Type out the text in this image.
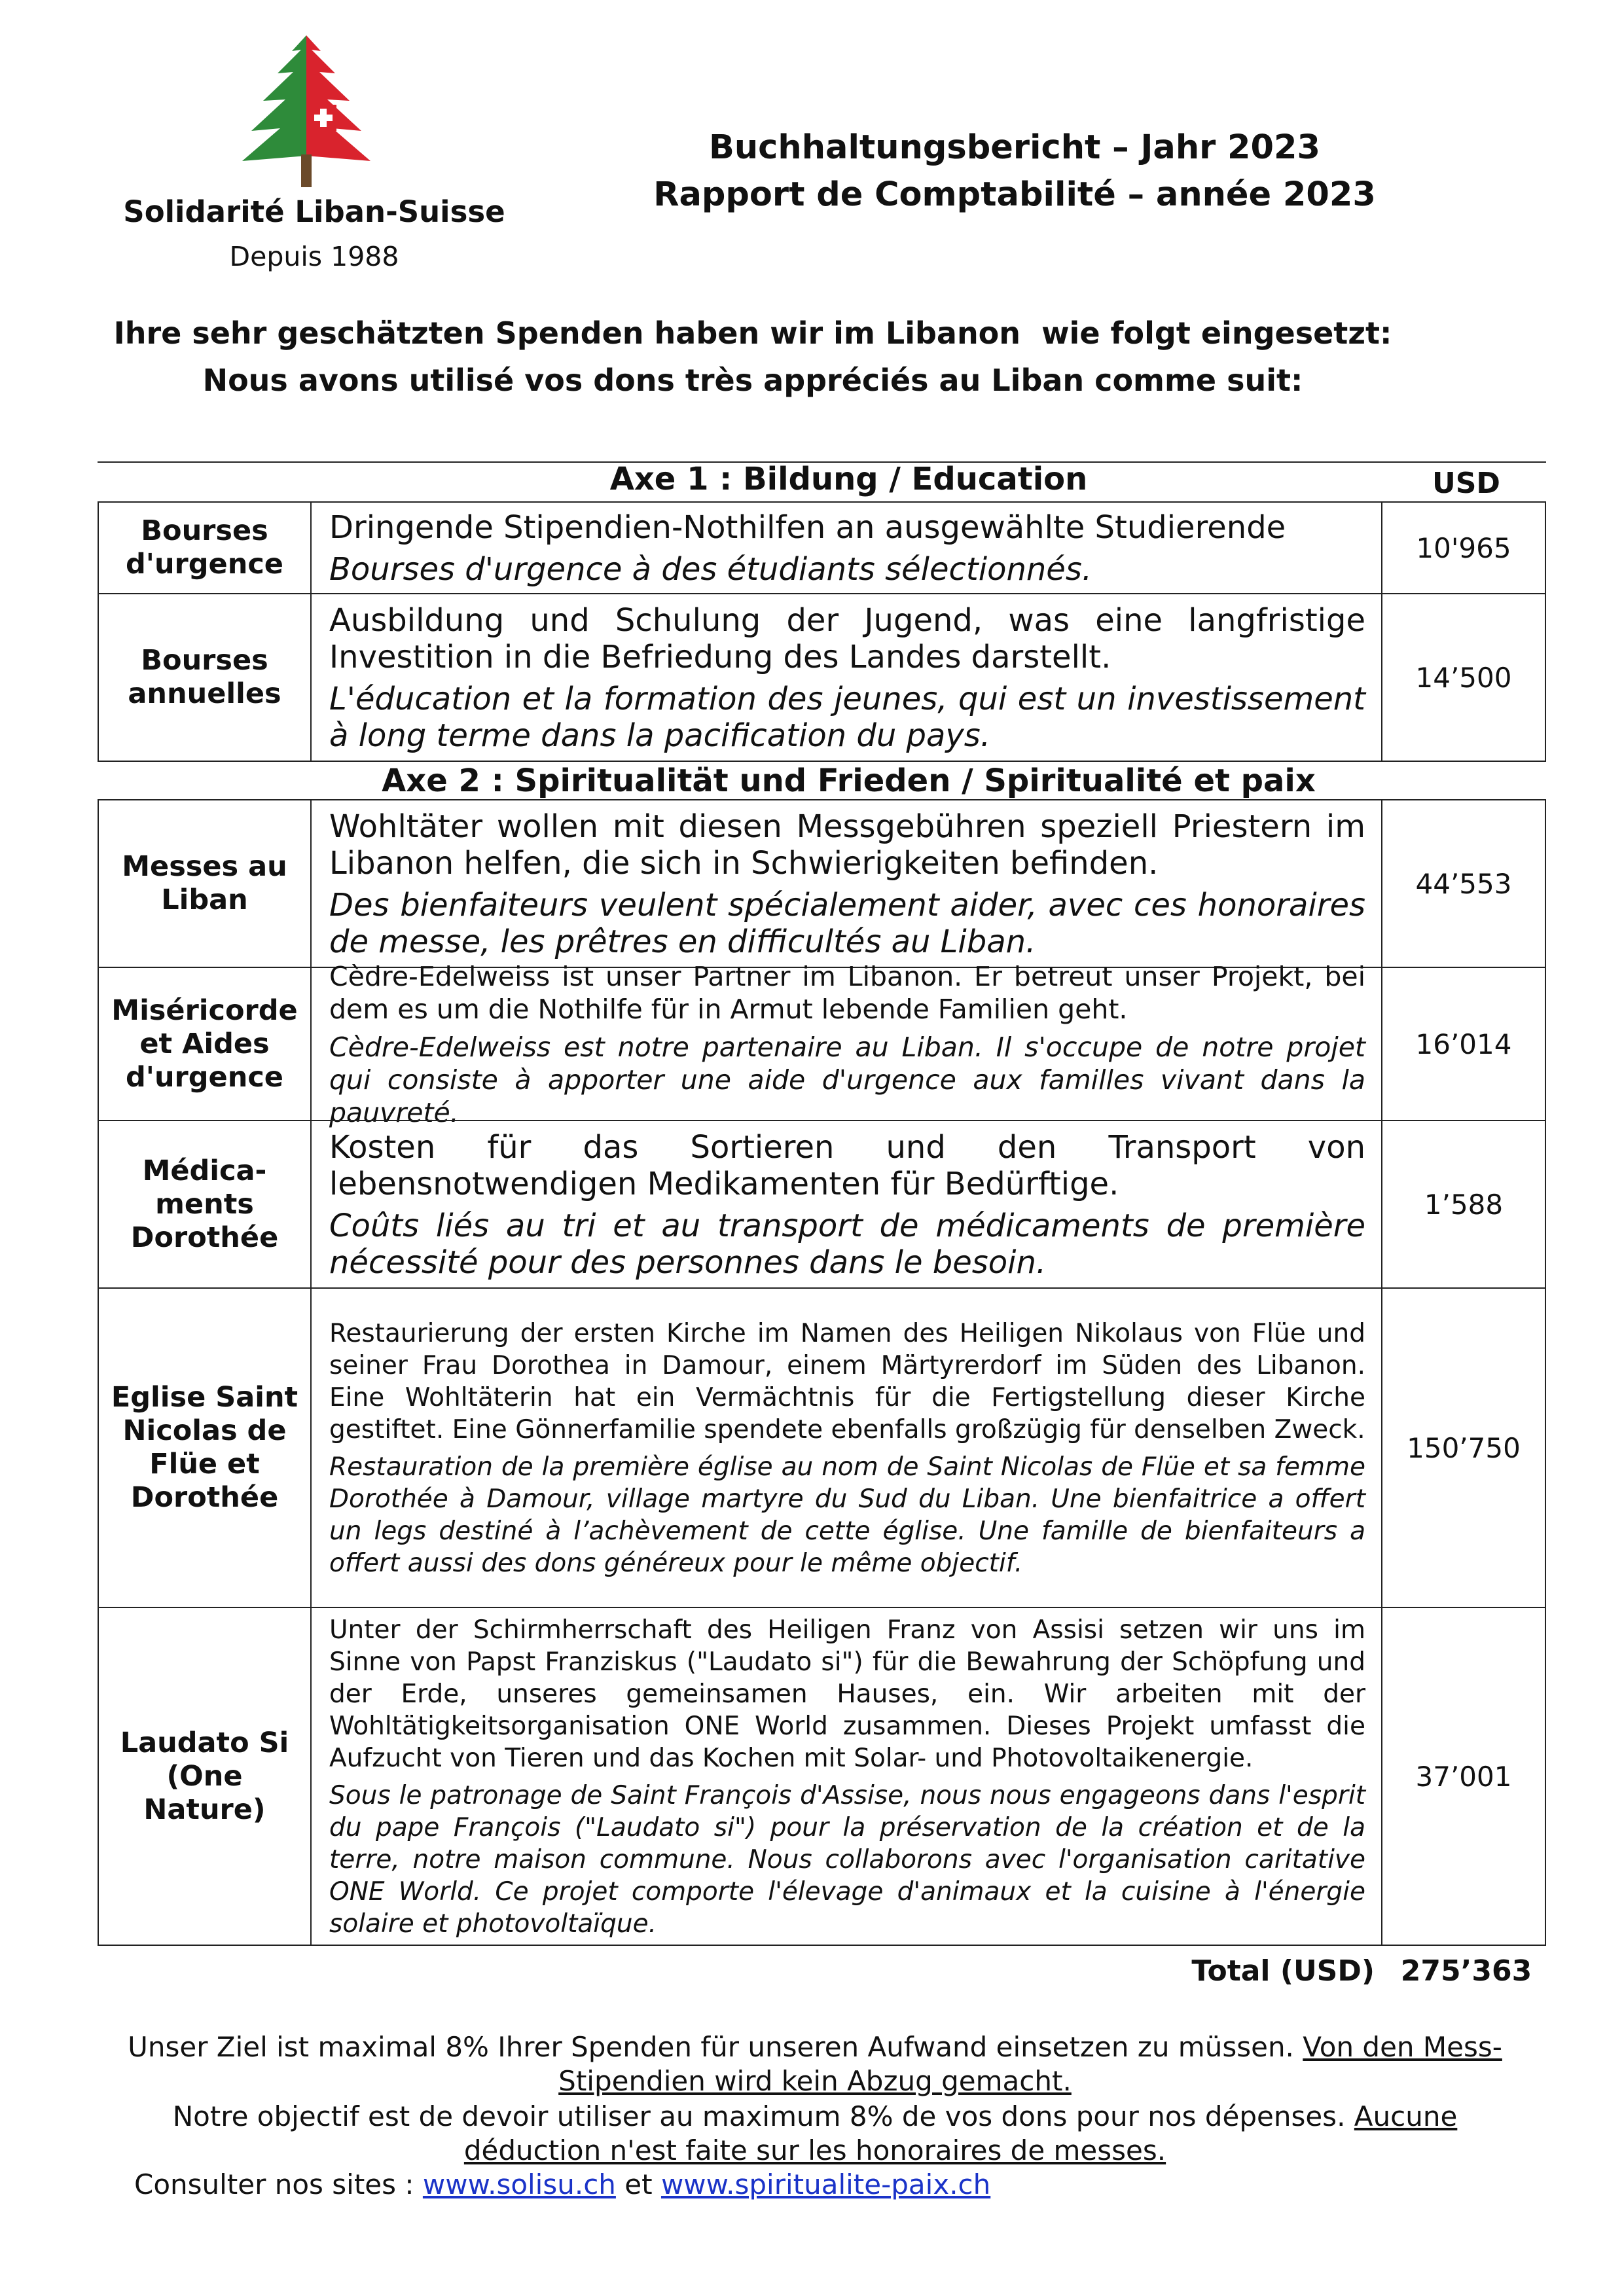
Solidarité Liban-Suisse
Depuis 1988
Buchhaltungsbericht – Jahr 2023
Rapport de Comptabilité – année 2023
Ihre sehr geschätzten Spenden haben wir im Libanon  wie folgt eingesetzt:
Nous avons utilisé vos dons très appréciés au Liban comme suit:
Axe 1 : Bildung / Education	USD
Bourses d'urgence

Dringende Stipendien-Nothilfen an ausgewählte Studierende

Bourses d'urgence à des étudiants sélectionnés.

10'965
Bourses annuelles

Ausbildung und Schulung der Jugend, was eine langfristige Investition in die Befriedung des Landes darstellt.

L'éducation et la formation des jeunes, qui est un investissement à long terme dans la pacification du pays.

14’500
Axe 2 : Spiritualität und Frieden / Spiritualité et paix
Messes au Liban

Wohltäter wollen mit diesen Messgebühren speziell Priestern im Libanon helfen, die sich in Schwierigkeiten befinden.

Des bienfaiteurs veulent spécialement aider, avec ces honoraires de messe, les prêtres en difficultés au Liban.

44’553
Miséricorde et Aides d'urgence

Cèdre-Edelweiss ist unser Partner im Libanon. Er betreut unser Projekt, bei dem es um die Nothilfe für in Armut lebende Familien geht.

Cèdre-Edelweiss est notre partenaire au Liban. Il s'occupe de notre projet qui consiste à apporter une aide d'urgence aux familles vivant dans la pauvreté.

16’014
Médica-ments Dorothée

Kosten für das Sortieren und den Transport von lebensnotwendigen Medikamenten für Bedürftige.

Coûts liés au tri et au transport de médicaments de première nécessité pour des personnes dans le besoin.

1’588
Eglise Saint Nicolas de Flüe et Dorothée

Restaurierung der ersten Kirche im Namen des Heiligen Nikolaus von Flüe und seiner Frau Dorothea in Damour, einem Märtyrerdorf im Süden des Libanon. Eine Wohltäterin hat ein Vermächtnis für die Fertigstellung dieser Kirche gestiftet. Eine Gönnerfamilie spendete ebenfalls großzügig für denselben Zweck.

Restauration de la première église au nom de Saint Nicolas de Flüe et sa femme Dorothée à Damour, village martyre du Sud du Liban. Une bienfaitrice a offert un legs destiné à l’achèvement de cette église. Une famille de bienfaiteurs a offert aussi des dons généreux pour le même objectif.

150’750
Laudato Si (One Nature)

Unter der Schirmherrschaft des Heiligen Franz von Assisi setzen wir uns im Sinne von Papst Franziskus ("Laudato si") für die Bewahrung der Schöpfung und der Erde, unseres gemeinsamen Hauses, ein. Wir arbeiten mit der Wohltätigkeitsorganisation ONE World zusammen. Dieses Projekt umfasst die Aufzucht von Tieren und das Kochen mit Solar- und Photovoltaikenergie.

Sous le patronage de Saint François d'Assise, nous nous engageons dans l'esprit du pape François ("Laudato si") pour la préservation de la création et de la terre, notre maison commune. Nous collaborons avec l'organisation caritative ONE World. Ce projet comporte l'élevage d'animaux et la cuisine à l'énergie solaire et photovoltaïque.

37’001
Total (USD) 275’363
Unser Ziel ist maximal 8% Ihrer Spenden für unseren Aufwand einsetzen zu müssen. Von den Mess-Stipendien wird kein Abzug gemacht.
Notre objectif est de devoir utiliser au maximum 8% de vos dons pour nos dépenses. Aucune déduction n'est faite sur les honoraires de messes.
Consulter nos sites : www.solisu.ch et www.spiritualite-paix.ch
